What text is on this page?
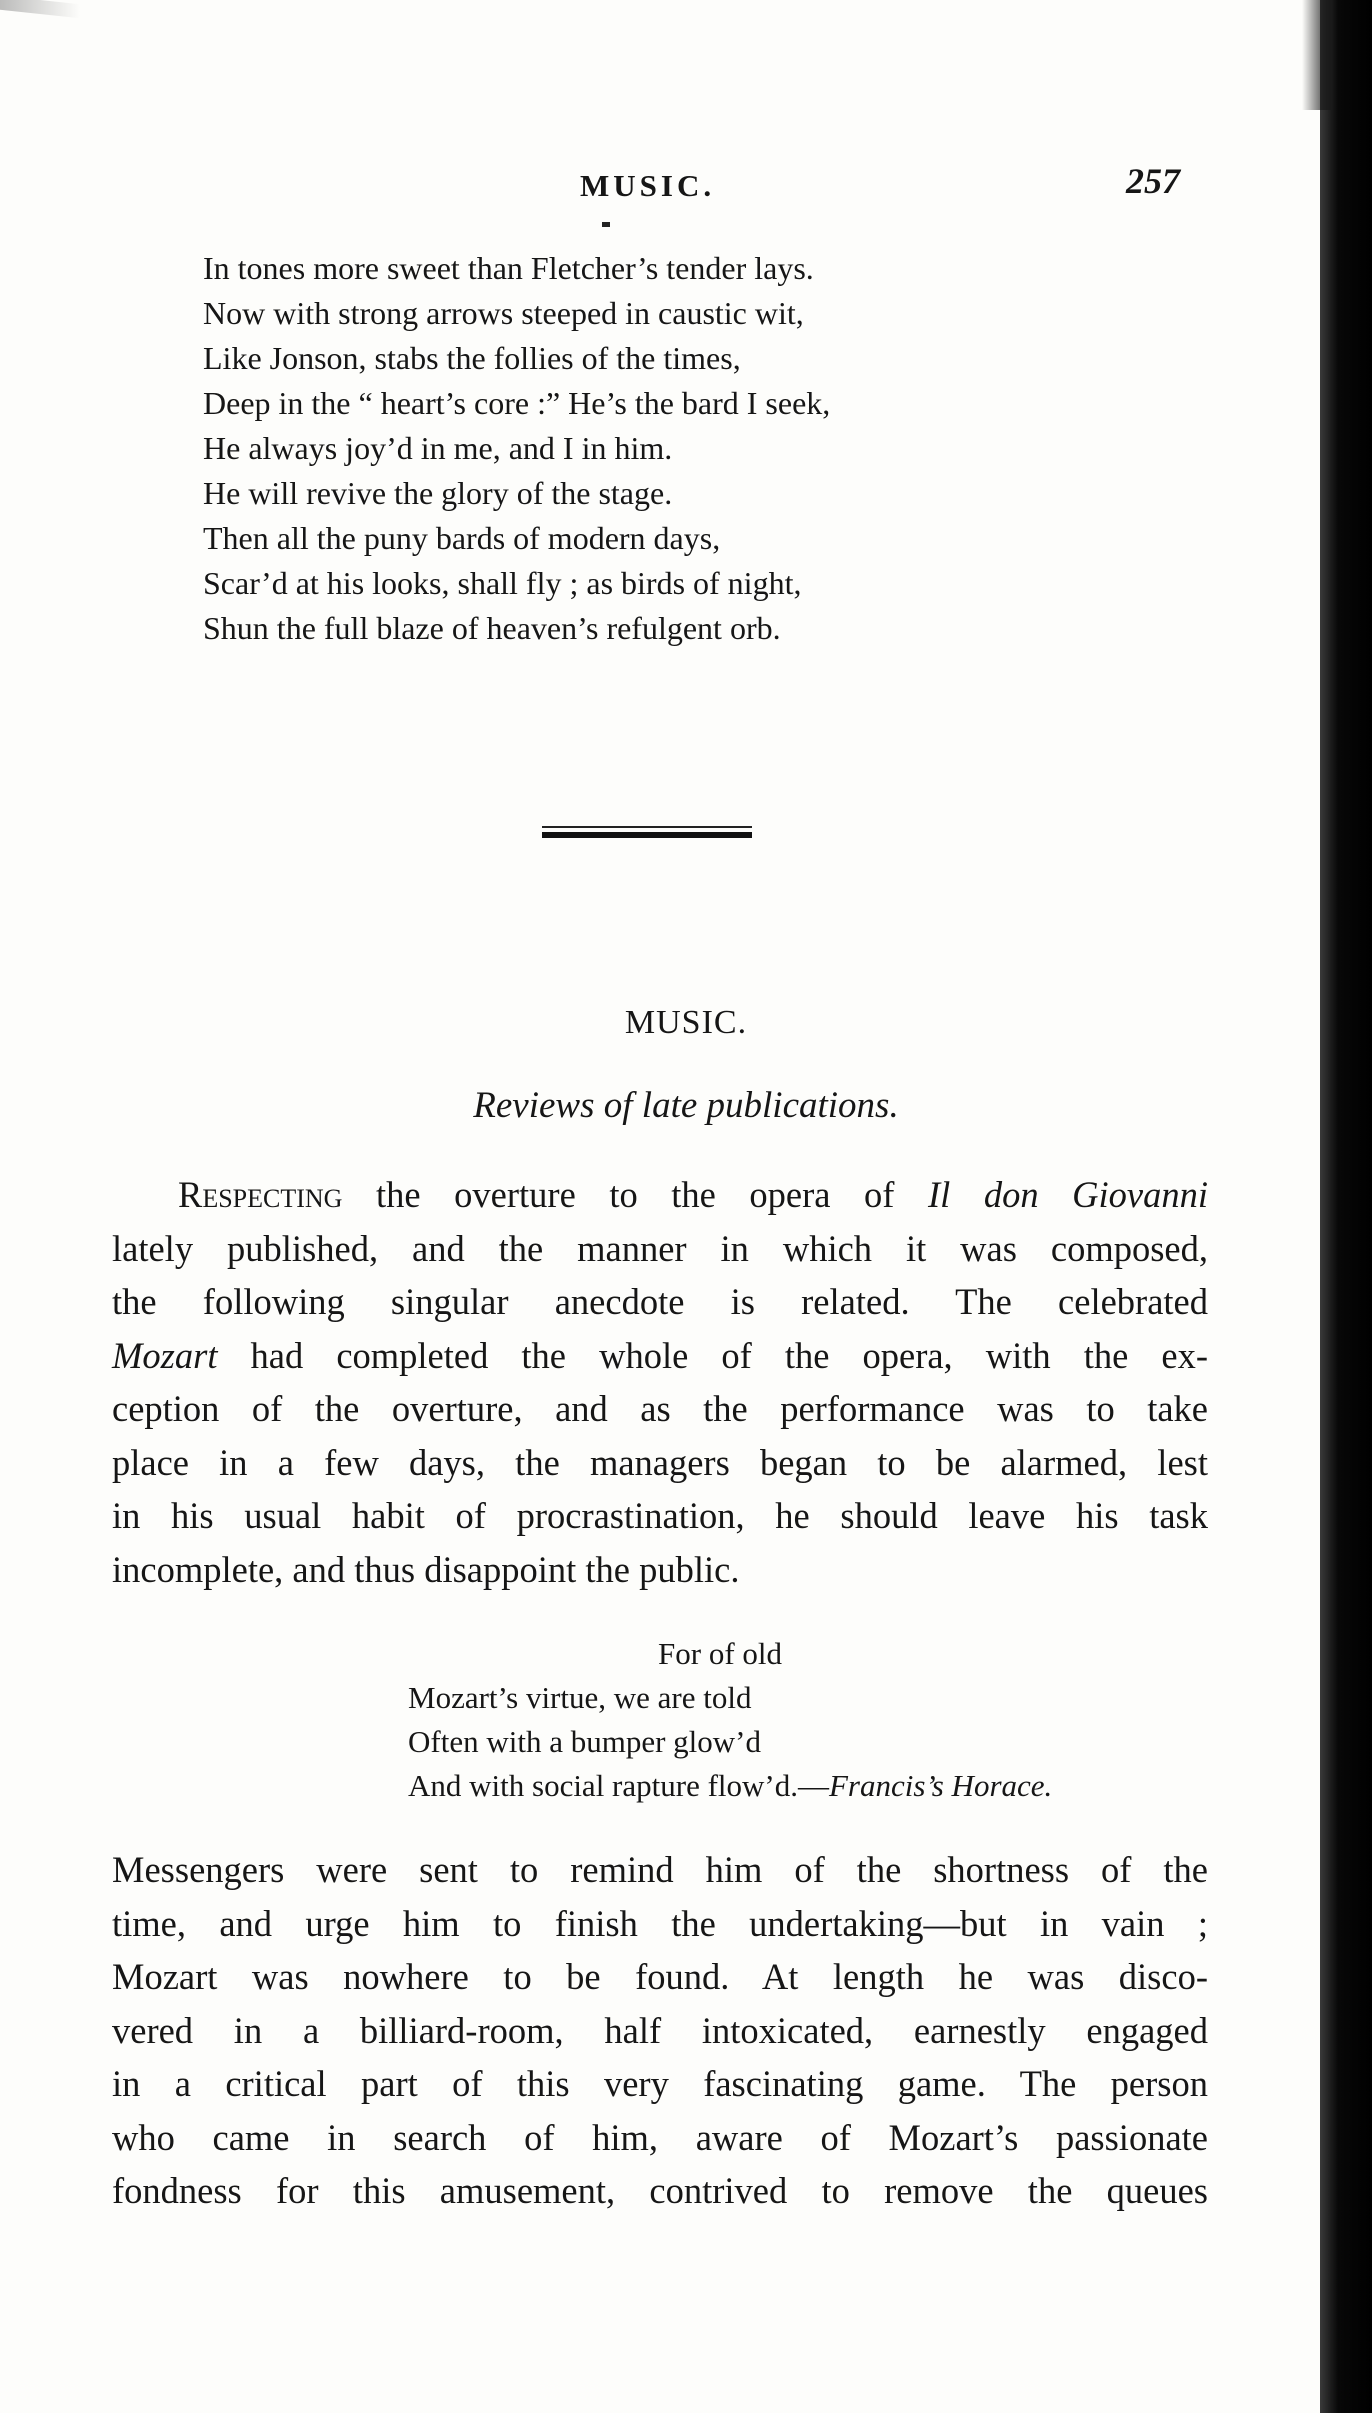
MUSIC.	257
In tones more sweet than Fletcher’s tender lays.
Now with strong arrows steeped in caustic wit,
Like Jonson, stabs the follies of the times,
Deep in the “ heart’s core :” He’s the bard I seek,
He always joy’d in me, and I in him.
He will revive the glory of the stage.
Then all the puny bards of modern days,
Scar’d at his looks, shall fly ; as birds of night,
Shun the full blaze of heaven’s refulgent orb.
MUSIC.
Reviews of late publications.
Respecting the overture to the opera of Il don Giovanni
lately published, and the manner in which it was composed,
the following singular anecdote is related. The celebrated
Mozart had completed the whole of the opera, with the ex-
ception of the overture, and as the performance was to take
place in a few days, the managers began to be alarmed, lest
in his usual habit of procrastination, he should leave his task
incomplete, and thus disappoint the public.
For of old
Mozart’s virtue, we are told
Often with a bumper glow’d
And with social rapture flow’d.—Francis’s Horace.
Messengers were sent to remind him of the shortness of the
time, and urge him to finish the undertaking—but in vain ;
Mozart was nowhere to be found. At length he was disco-
vered in a billiard-room, half intoxicated, earnestly engaged
in a critical part of this very fascinating game. The person
who came in search of him, aware of Mozart’s passionate
fondness for this amusement, contrived to remove the queues
